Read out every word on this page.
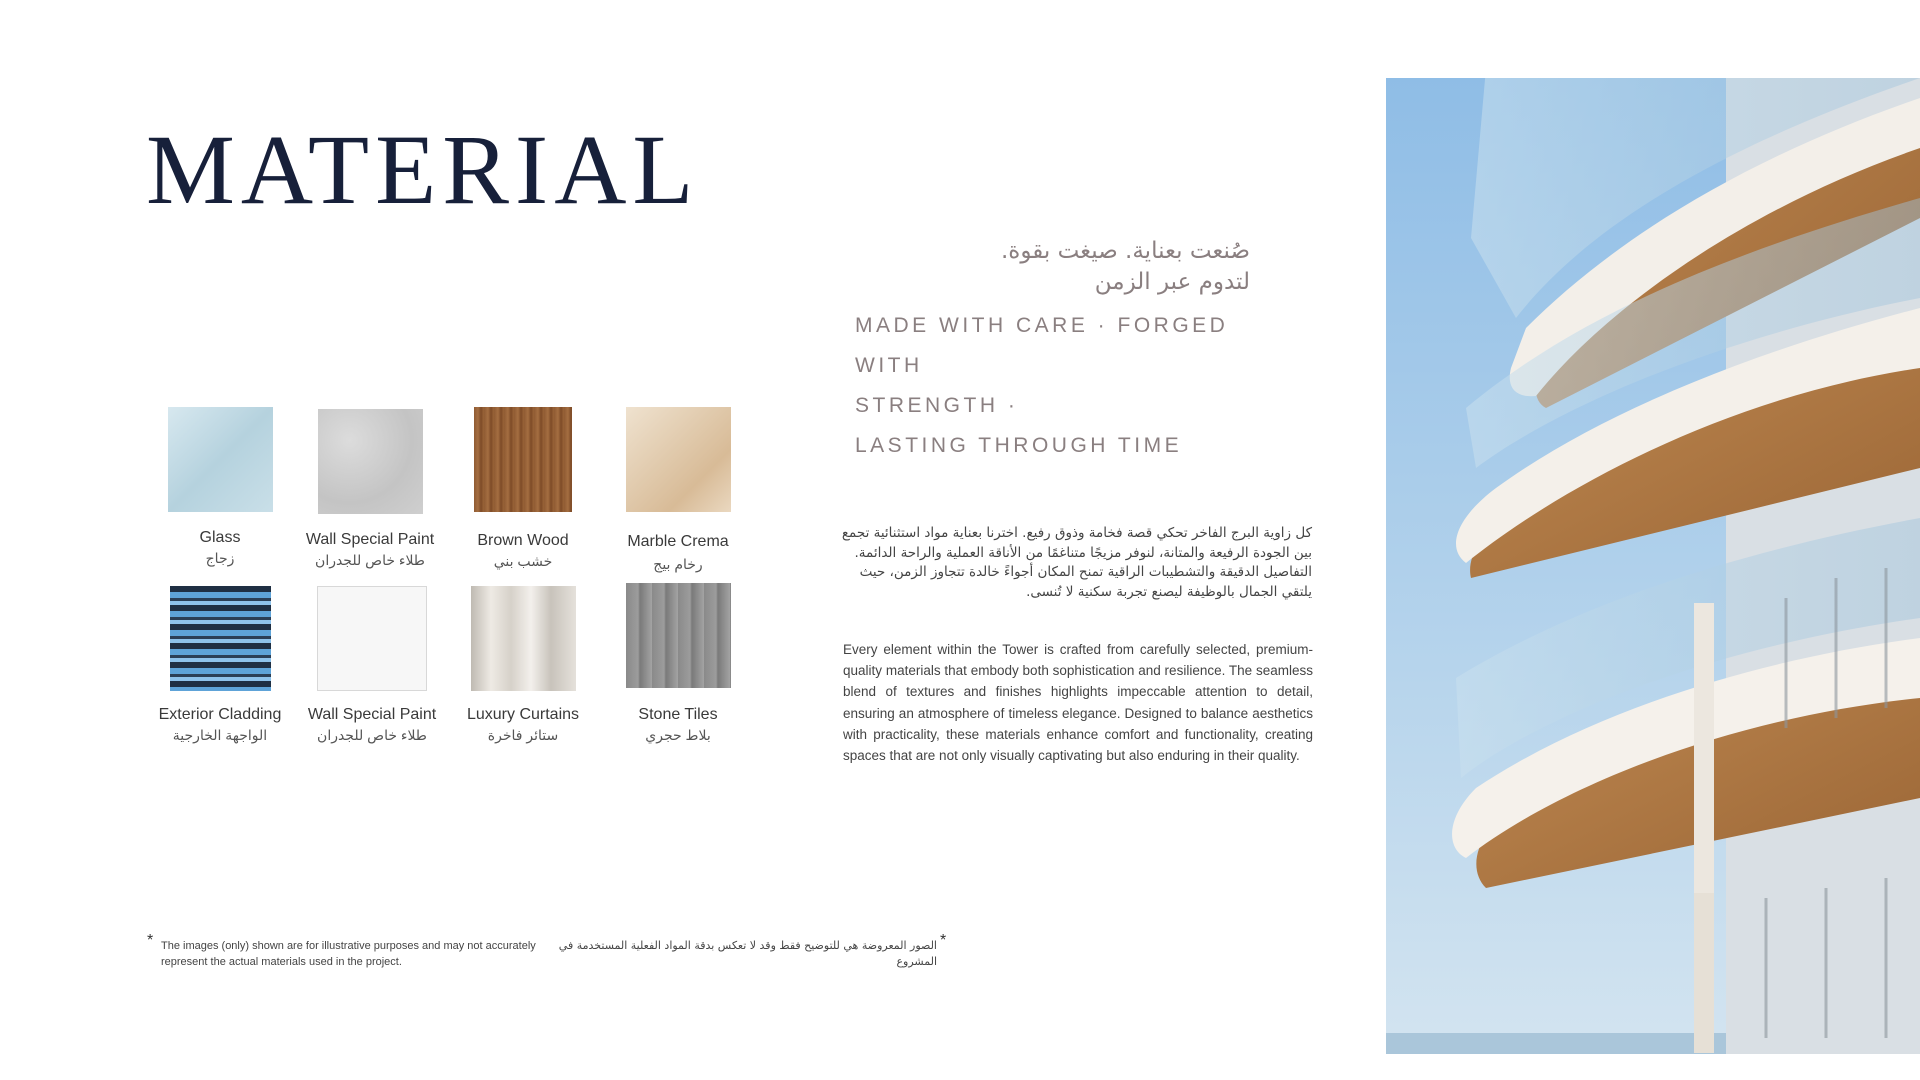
MATERIAL
صُنعت بعناية. صيغت بقوة.
لتدوم عبر الزمن
MADE WITH CARE · FORGED WITH
STRENGTH ·
LASTING THROUGH TIME
Glass
زجاج
Wall Special Paint
طلاء خاص للجدران
Brown Wood
خشب بني
Marble Crema
رخام بيج
Exterior Cladding
الواجهة الخارجية
Wall Special Paint
طلاء خاص للجدران
Luxury Curtains
ستائر فاخرة
Stone Tiles
بلاط حجري

كل زاوية البرج الفاخر تحكي قصة فخامة وذوق رفيع. اخترنا بعناية مواد استثنائية تجمع بين الجودة الرفيعة والمتانة، لنوفر مزيجًا متناغمًا من الأناقة العملية والراحة الدائمة. التفاصيل الدقيقة والتشطيبات الراقية تمنح المكان أجواءً خالدة تتجاوز الزمن، حيث يلتقي الجمال بالوظيفة ليصنع تجربة سكنية لا تُنسى.

Every element within the Tower is crafted from carefully selected, premium-quality materials that embody both sophistication and resilience. The seamless blend of textures and finishes highlights impeccable attention to detail, ensuring an atmosphere of timeless elegance. Designed to balance aesthetics with practicality, these materials enhance comfort and functionality, creating spaces that are not only visually captivating but also enduring in their quality.

* The images (only) shown are for illustrative purposes and may not accurately represent the actual materials used in the project.
الصور المعروضة هي للتوضيح فقط وقد لا تعكس بدقة المواد الفعلية المستخدمة في المشروع
*
